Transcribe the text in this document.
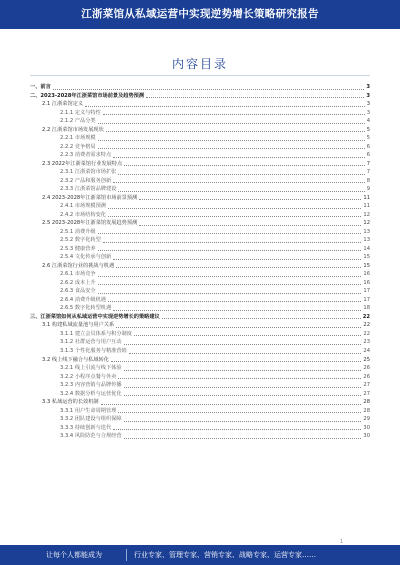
江浙菜馆从私域运营中实现逆势增长策略研究报告
内容目录
一、前言	3
二、2023-2028年江浙菜馆市场前景及趋势预测	3
2.1 江浙菜馆定义	3
2.1.1 定义与特性	3
2.1.2 产品分类	4
2.2 江浙菜馆市场发展现状	5
2.2.1 市场规模	5
2.2.2 竞争格局	6
2.2.3 消费者需求特点	6
2.3 2022年江浙菜馆行业发展特点	7
2.3.1 江浙菜馆市场扩张	7
2.3.2 产品和服务创新	8
2.3.3 江浙菜馆品牌建设	9
2.4 2023-2028年江浙菜馆市场前景预测	11
2.4.1 市场规模预测	11
2.4.2 市场结构变化	12
2.5 2023-2028年江浙菜馆发展趋势预测	12
2.5.1 消费升级	13
2.5.2 数字化转型	13
2.5.3 健康营养	14
2.5.4 文化传承与创新	15
2.6 江浙菜馆行业的挑战与机遇	15
2.6.1 市场竞争	16
2.6.2 成本上升	16
2.6.3 食品安全	17
2.6.4 消费升级机遇	17
2.6.5 数字化转型机遇	18
三、江浙菜馆如何从私域运营中实现逆势增长的策略建议	22
3.1 构建私域流量池与用户关系	22
3.1.1 建立会员体系与积分制度	22
3.1.2 社群运营与用户互动	23
3.1.3 个性化服务与精准营销	24
3.2 线上线下融合与私域转化	25
3.2.1 线上引流与线下体验	26
3.2.2 小程序点餐与外卖	26
3.2.3 内容营销与品牌传播	27
3.2.4 数据分析与运营优化	27
3.3 私域运营的长效机制	28
3.3.1 用户生命周期管理	28
3.3.2 团队建设与组织保障	29
3.3.3 持续创新与迭代	30
3.3.4 风险防范与合规经营	30
1
让每个人都能成为	行业专家、管理专家、营销专家、战略专家、运营专家……
